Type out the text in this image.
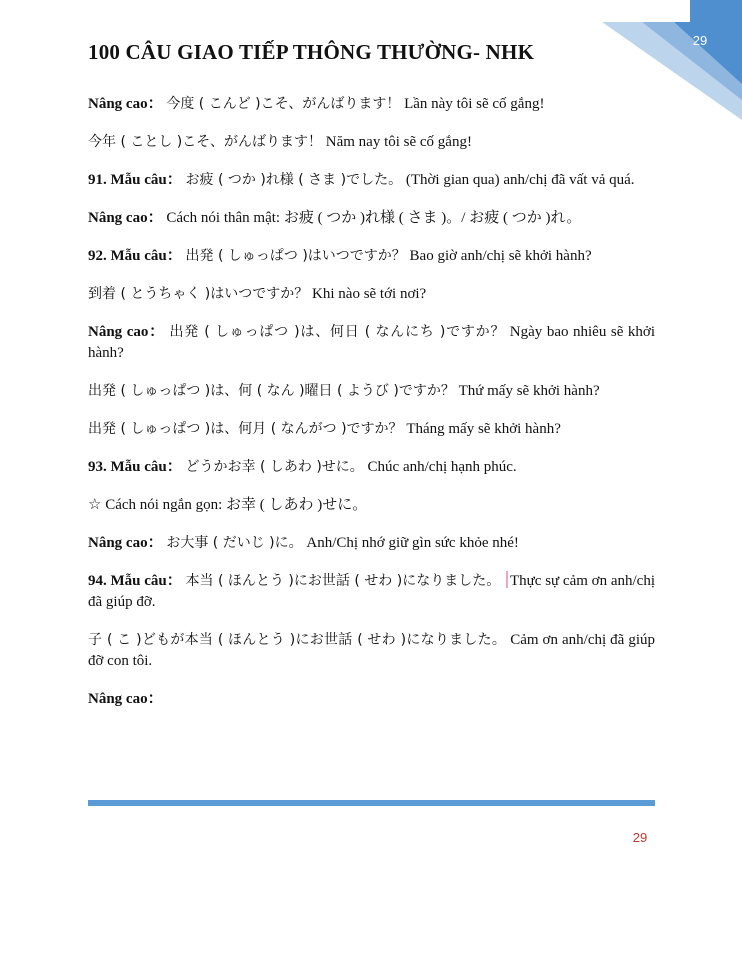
29
100 CÂU GIAO TIẾP THÔNG THƯỜNG- NHK

Nâng cao： 今度 ( こんど )こそ、がんばります！ Lần này tôi sẽ cố gắng!

今年 ( ことし )こそ、がんばります！ Năm nay tôi sẽ cố gắng!

91. Mẫu câu： お疲 ( つか )れ様 ( さま )でした。 (Thời gian qua) anh/chị đã vất vả quá.

Nâng cao： Cách nói thân mật: お疲 ( つか )れ様 ( さま )。/ お疲 ( つか )れ。

92. Mẫu câu： 出発 ( しゅっぱつ )はいつですか？ Bao giờ anh/chị sẽ khởi hành?

到着 ( とうちゃく )はいつですか？ Khi nào sẽ tới nơi?

Nâng cao： 出発 ( しゅっぱつ )は、何日 ( なんにち )ですか？ Ngày bao nhiêu sẽ khởi hành?

出発 ( しゅっぱつ )は、何 ( なん )曜日 ( ようび )ですか？ Thứ mấy sẽ khởi hành?

出発 ( しゅっぱつ )は、何月 ( なんがつ )ですか？ Tháng mấy sẽ khởi hành?

93. Mẫu câu： どうかお幸 ( しあわ )せに。 Chúc anh/chị hạnh phúc.

☆ Cách nói ngắn gọn: お幸 ( しあわ )せに。

Nâng cao： お大事 ( だいじ )に。 Anh/Chị nhớ giữ gìn sức khỏe nhé!

94. Mẫu câu： 本当 ( ほんとう )にお世話 ( せわ )になりました。 Thực sự cảm ơn anh/chị đã giúp đỡ.

子 ( こ )どもが本当 ( ほんとう )にお世話 ( せわ )になりました。 Cảm ơn anh/chị đã giúp đỡ con tôi.

Nâng cao：

29
